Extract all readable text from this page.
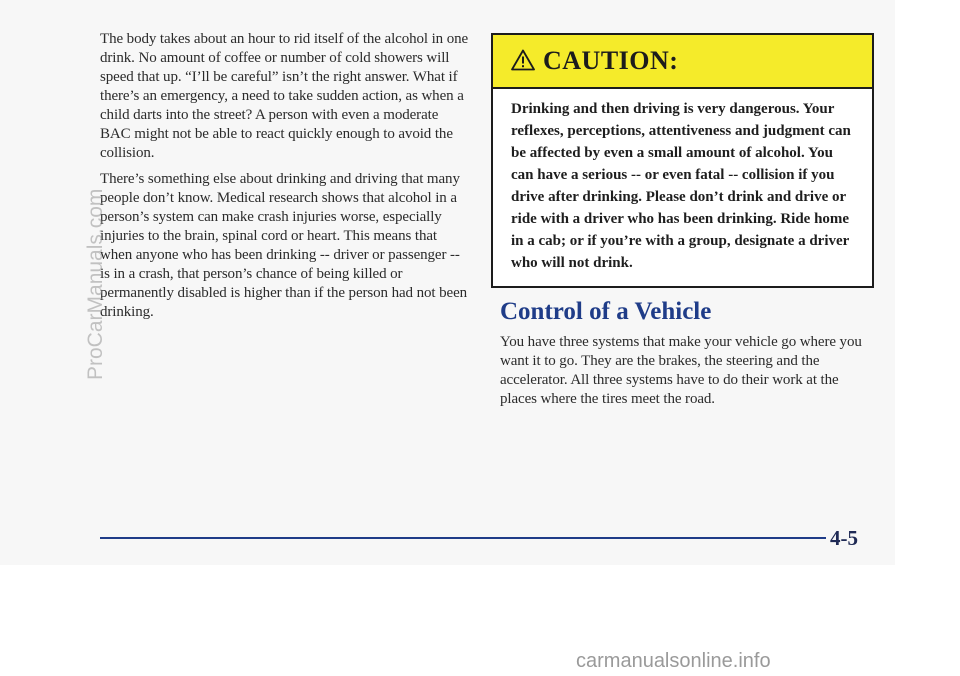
The body takes about an hour to rid itself of the alcohol in one drink. No amount of coffee or number of cold showers will speed that up. “I’ll be careful” isn’t the right answer. What if there’s an emergency, a need to take sudden action, as when a child darts into the street? A person with even a moderate BAC might not be able to react quickly enough to avoid the collision.

There’s something else about drinking and driving that many people don’t know. Medical research shows that alcohol in a person’s system can make crash injuries worse, especially injuries to the brain, spinal cord or heart. This means that when anyone who has been drinking -- driver or passenger -- is in a crash, that person’s chance of being killed or permanently disabled is higher than if the person had not been drinking.

CAUTION:
Drinking and then driving is very dangerous. Your reflexes, perceptions, attentiveness and judgment can be affected by even a small amount of alcohol. You can have a serious -- or even fatal -- collision if you drive after drinking. Please don’t drink and drive or ride with a driver who has been drinking. Ride home in a cab; or if you’re with a group, designate a driver who will not drink.
Control of a Vehicle

You have three systems that make your vehicle go where you want it to go. They are the brakes, the steering and the accelerator. All three systems have to do their work at the places where the tires meet the road.

4-5
ProCarManuals.com
carmanualsonline.info
